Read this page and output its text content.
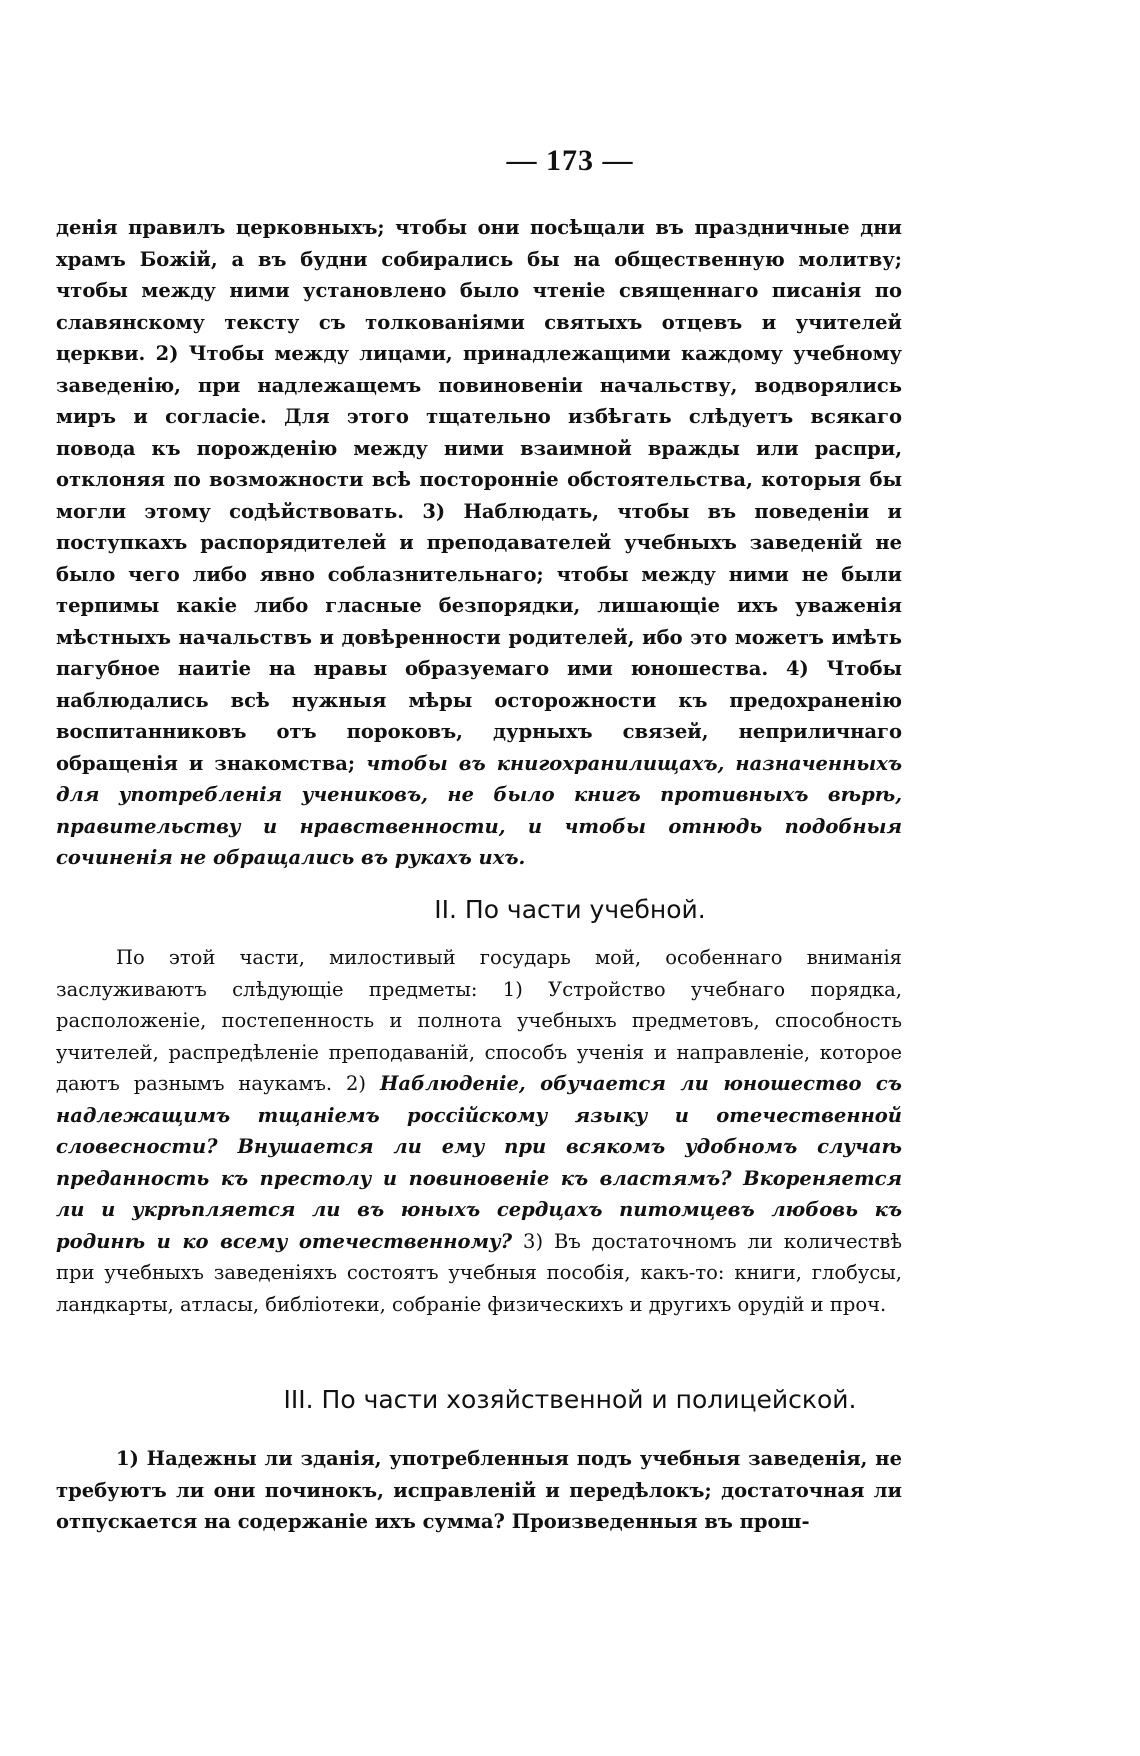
— 173 —

денія правилъ церковныхъ; чтобы они посѣщали въ праздничные дни храмъ Божій, а въ будни собирались бы на общественную молитву; чтобы между ними установлено было чтеніе священнаго писанія по славянскому тексту съ толкованіями святыхъ отцевъ и учителей церкви. 2) Чтобы между лицами, принадлежащими каждому учебному заведенію, при надлежащемъ повиновеніи начальству, водворялись миръ и согласіе. Для этого тщательно избѣгать слѣдуетъ всякаго повода къ порожденію между ними взаимной вражды или распри, отклоняя по возможности всѣ посторонніе обстоятельства, которыя бы могли этому содѣйствовать. 3) Наблюдать, чтобы въ поведеніи и поступкахъ распорядителей и преподавателей учебныхъ заведеній не было чего либо явно соблазнительнаго; чтобы между ними не были терпимы какіе либо гласные безпорядки, лишающіе ихъ уваженія мѣстныхъ начальствъ и довѣренности родителей, ибо это можетъ имѣть пагубное наитіе на нравы образуемаго ими юношества. 4) Чтобы наблюдались всѣ нужныя мѣры осторожности къ предохраненію воспитанниковъ отъ пороковъ, дурныхъ связей, неприличнаго обращенія и знакомства; чтобы въ книгохранилищахъ, назначенныхъ для употребленія учениковъ, не было книгъ противныхъ вѣрѣ, правительству и нравственности, и чтобы отнюдь подобныя сочиненія не обращались въ рукахъ ихъ.

II. По части учебной.

По этой части, милостивый государь мой, особеннаго вниманія заслуживаютъ слѣдующіе предметы: 1) Устройство учебнаго порядка, расположеніе, постепенность и полнота учебныхъ предметовъ, способность учителей, распредѣленіе преподаваній, способъ ученія и направленіе, которое даютъ разнымъ наукамъ. 2) Наблюденіе, обучается ли юношество съ надлежащимъ тщаніемъ россійскому языку и отечественной словесности? Внушается ли ему при всякомъ удобномъ случаѣ преданность къ престолу и повиновеніе къ властямъ? Вкореняется ли и укрѣпляется ли въ юныхъ сердцахъ питомцевъ любовь къ родинѣ и ко всему отечественному? 3) Въ достаточномъ ли количествѣ при учебныхъ заведеніяхъ состоятъ учебныя пособія, какъ-то: книги, глобусы, ландкарты, атласы, библіотеки, собраніе физическихъ и другихъ орудій и проч.

III. По части хозяйственной и полицейской.

1) Надежны ли зданія, употребленныя подъ учебныя заведенія, не требуютъ ли они починокъ, исправленій и передѣлокъ; достаточная ли отпускается на содержаніе ихъ сумма? Произведенныя въ прош-
